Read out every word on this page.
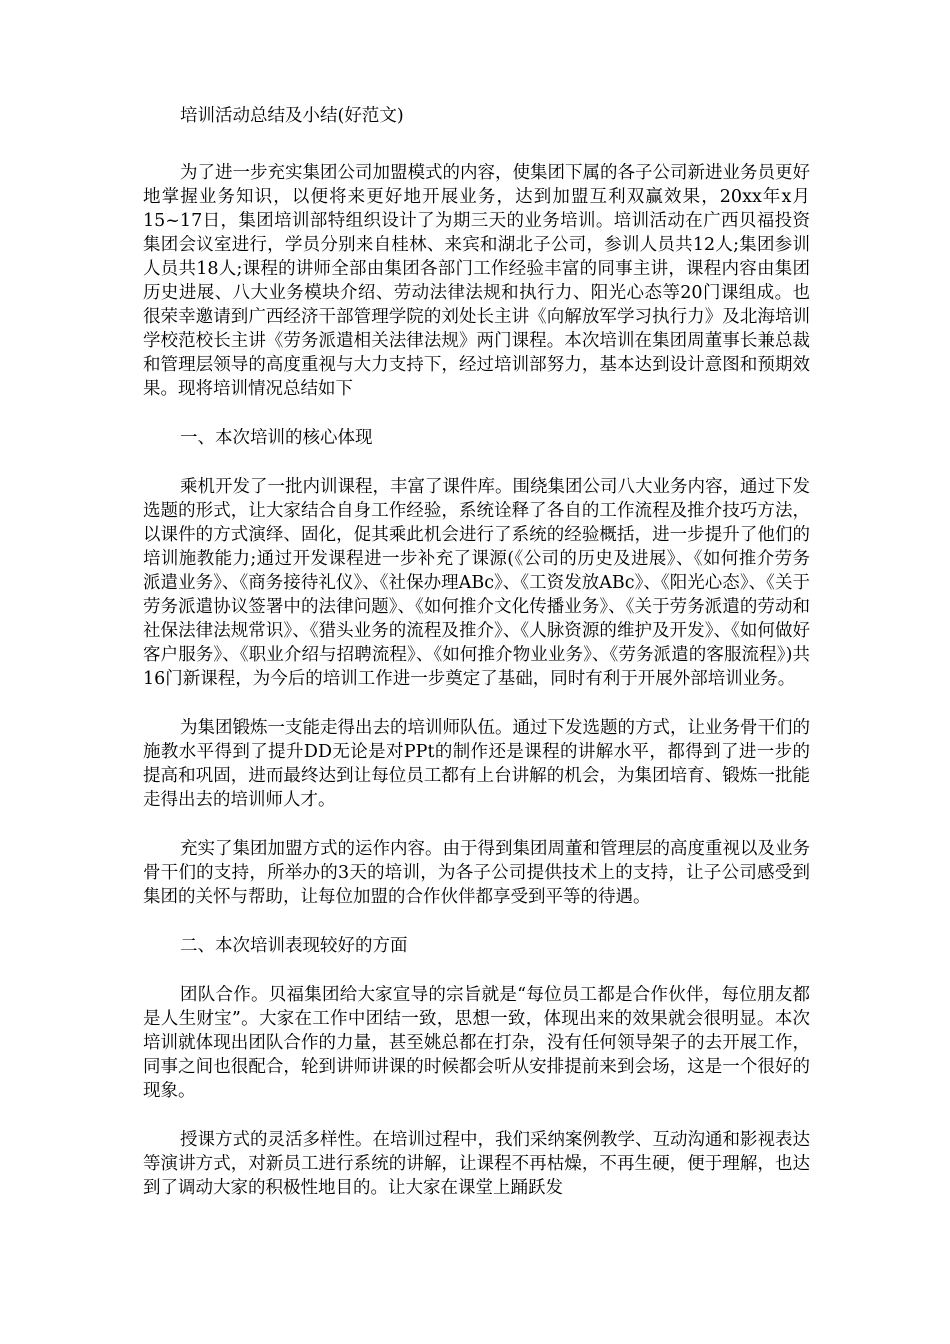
培训活动总结及小结(好范文)

为了进一步充实集团公司加盟模式的内容，使集团下属的各子公司新进业务员更好地掌握业务知识，以便将来更好地开展业务，达到加盟互利双赢效果，20xx年x月15~17日，集团培训部特组织设计了为期三天的业务培训。培训活动在广西贝福投资集团会议室进行，学员分别来自桂林、来宾和湖北子公司，参训人员共12人;集团参训人员共18人;课程的讲师全部由集团各部门工作经验丰富的同事主讲，课程内容由集团历史进展、八大业务模块介绍、劳动法律法规和执行力、阳光心态等20门课组成。也很荣幸邀请到广西经济干部管理学院的刘处长主讲《向解放军学习执行力》及北海培训学校范校长主讲《劳务派遣相关法律法规》两门课程。本次培训在集团周董事长兼总裁和管理层领导的高度重视与大力支持下，经过培训部努力，基本达到设计意图和预期效果。现将培训情况总结如下

一、本次培训的核心体现

乘机开发了一批内训课程，丰富了课件库。围绕集团公司八大业务内容，通过下发选题的形式，让大家结合自身工作经验，系统诠释了各自的工作流程及推介技巧方法，以课件的方式演绎、固化，促其乘此机会进行了系统的经验概括，进一步提升了他们的培训施教能力;通过开发课程进一步补充了课源(《公司的历史及进展》、《如何推介劳务派遣业务》、《商务接待礼仪》、《社保办理ABc》、《工资发放ABc》、《阳光心态》、《关于劳务派遣协议签署中的法律问题》、《如何推介文化传播业务》、《关于劳务派遣的劳动和社保法律法规常识》、《猎头业务的流程及推介》、《人脉资源的维护及开发》、《如何做好客户服务》、《职业介绍与招聘流程》、《如何推介物业业务》、《劳务派遣的客服流程》)共16门新课程，为今后的培训工作进一步奠定了基础，同时有利于开展外部培训业务。

为集团锻炼一支能走得出去的培训师队伍。通过下发选题的方式，让业务骨干们的施教水平得到了提升DD无论是对PPt的制作还是课程的讲解水平，都得到了进一步的提高和巩固，进而最终达到让每位员工都有上台讲解的机会，为集团培育、锻炼一批能走得出去的培训师人才。

充实了集团加盟方式的运作内容。由于得到集团周董和管理层的高度重视以及业务骨干们的支持，所举办的3天的培训，为各子公司提供技术上的支持，让子公司感受到集团的关怀与帮助，让每位加盟的合作伙伴都享受到平等的待遇。

二、本次培训表现较好的方面

团队合作。贝福集团给大家宣导的宗旨就是“每位员工都是合作伙伴，每位朋友都是人生财宝”。大家在工作中团结一致，思想一致，体现出来的效果就会很明显。本次培训就体现出团队合作的力量，甚至姚总都在打杂，没有任何领导架子的去开展工作，同事之间也很配合，轮到讲师讲课的时候都会听从安排提前来到会场，这是一个很好的现象。

授课方式的灵活多样性。在培训过程中，我们采纳案例教学、互动沟通和影视表达等演讲方式，对新员工进行系统的讲解，让课程不再枯燥，不再生硬，便于理解，也达到了调动大家的积极性地目的。让大家在课堂上踊跃发
